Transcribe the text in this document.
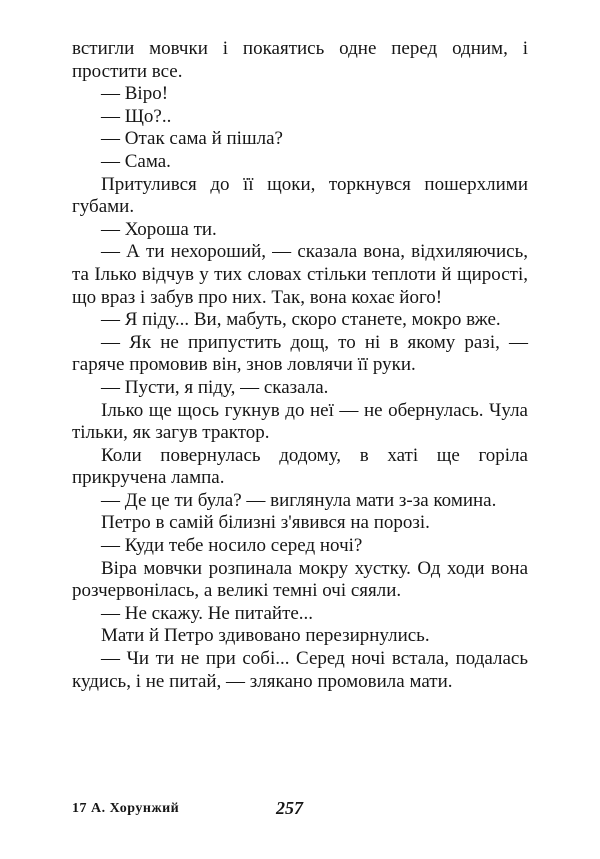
встигли мовчки і покаятись одне перед одним, і простити все.

— Віро!

— Що?..

— Отак сама й пішла?

— Сама.

Притулився до її щоки, торкнувся пошерхлими губами.

— Хороша ти.

— А ти нехороший, — сказала вона, відхиляючись, та Ілько відчув у тих словах стільки теплоти й щирості, що враз і забув про них. Так, вона кохає його!

— Я піду... Ви, мабуть, скоро станете, мокро вже.

— Як не припустить дощ, то ні в якому разі, — гаряче промовив він, знов ловлячи її руки.

— Пусти, я піду, — сказала.

Ілько ще щось гукнув до неї — не обернулась. Чула тільки, як загув трактор.

Коли повернулась додому, в хаті ще горіла прикручена лампа.

— Де це ти була? — виглянула мати з-за комина.

Петро в самій білизні з'явився на порозі.

— Куди тебе носило серед ночі?

Віра мовчки розпинала мокру хустку. Од ходи вона розчервонілась, а великі темні очі сяяли.

— Не скажу. Не питайте...

Мати й Петро здивовано перезирнулись.

— Чи ти не при собі... Серед ночі встала, подалась кудись, і не питай, — злякано промовила мати.

17 А. Хорунжий	257
